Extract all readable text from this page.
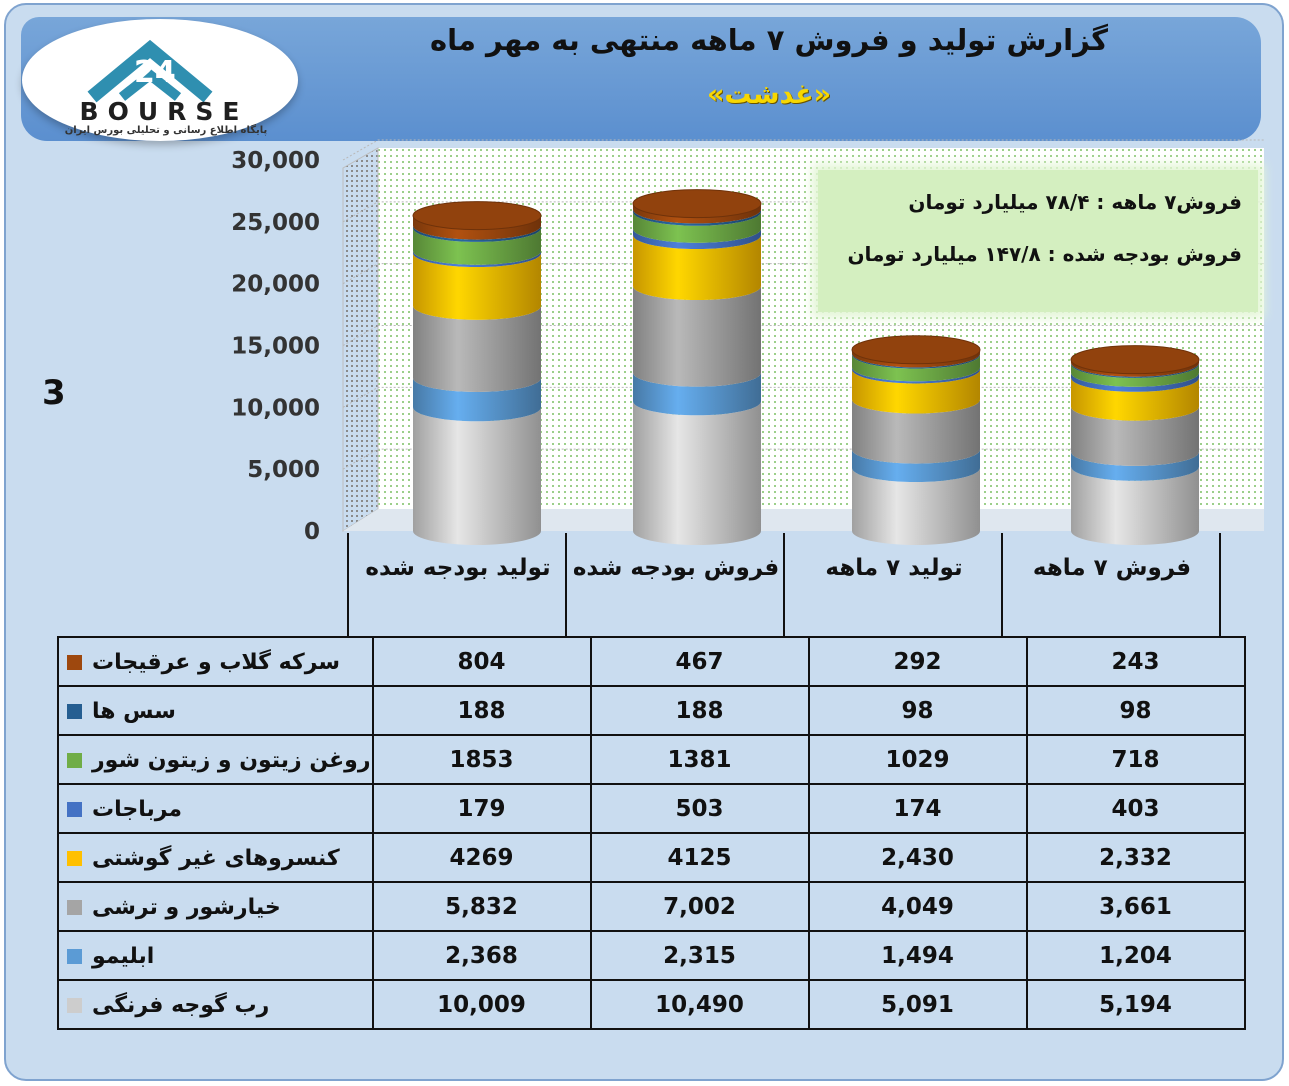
گزارش تولید و فروش ۷ ماهه منتهی به مهر ماه
«غدشت»
24
BOURSE
پایگاه اطلاع رسانی و تحلیلی بورس ایران
0
5,000
10,000
15,000
20,000
25,000
30,000
فروش۷ ماهه : ۷۸/۴ میلیارد تومان
فروش بودجه شده : ۱۴۷/۸ میلیارد تومان
3
تولید بودجه شده فروش بودجه شده	تولید ۷ ماهه	فروش ۷ ماهه
سرکه گلاب و عرقیجات	804	467	292	243
سس ها	188	188	98	98
روغن زیتون و زیتون شور	1853	1381	1029	718
مرباجات	179	503	174	403
کنسروهای غیر گوشتی	4269	4125	2,430	2,332
خیارشور و ترشی	5,832	7,002	4,049	3,661
ابلیمو	2,368	2,315	1,494	1,204
رب گوجه فرنگی	10,009	10,490	5,091	5,194
